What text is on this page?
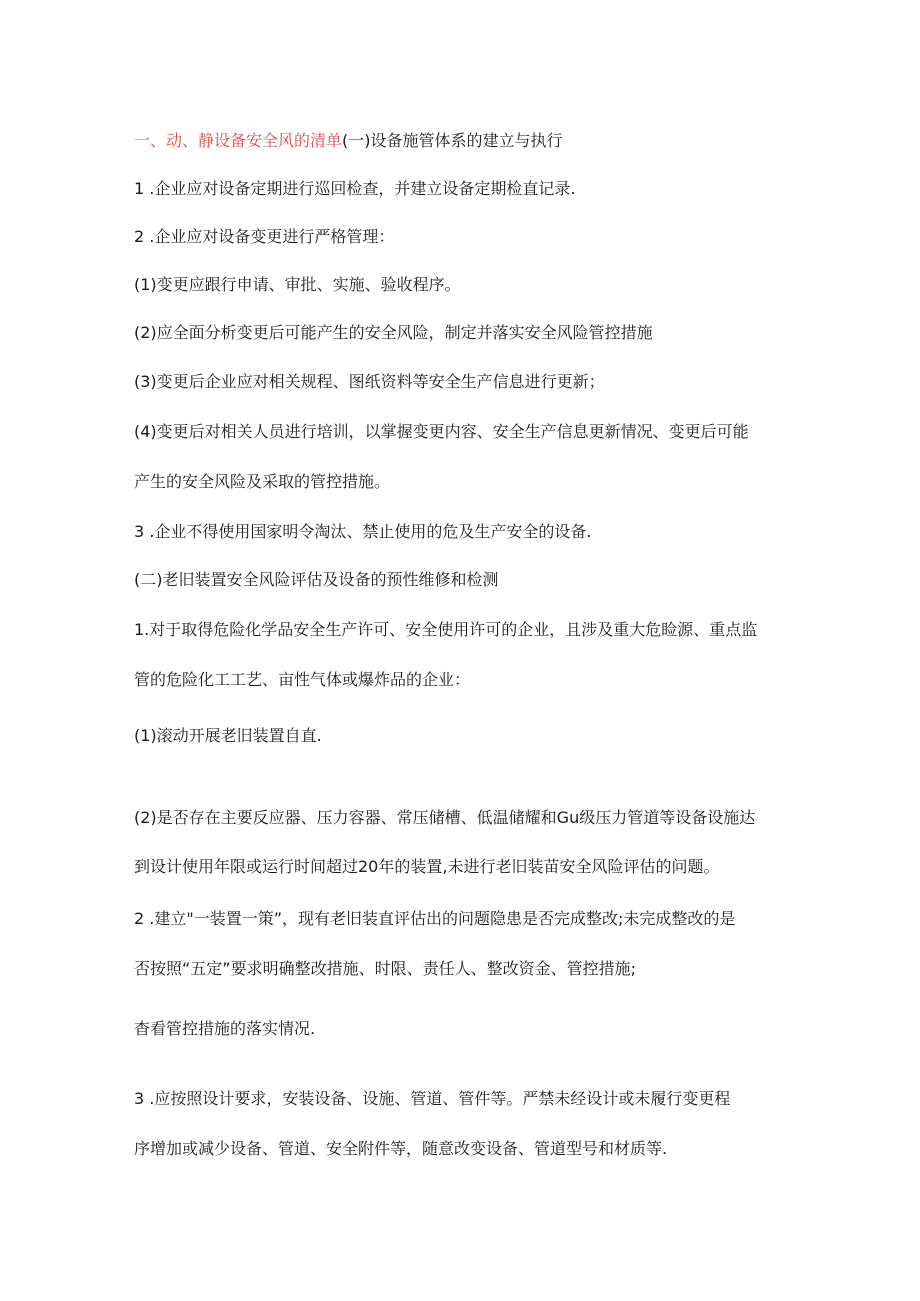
一、动、静设备安全风的清单(一)设备施管体系的建立与执行
1 .企业应对设备定期进行巡回检查，并建立设备定期检直记录.
2 .企业应对设备变更进行严格管理：
(1)变更应跟行申请、审批、实施、验收程序。
(2)应全面分析变更后可能产生的安全风险，制定并落实安全风险管控措施
(3)变更后企业应对相关规程、图纸资料等安全生产信息进行更新；
(4)变更后对相关人员进行培训，以掌握变更内容、安全生产信息更新情况、变更后可能
产生的安全风险及采取的管控措施。
3 .企业不得使用国家明令淘汰、禁止使用的危及生产安全的设备.
(二)老旧装置安全风险评估及设备的预性维修和检测
1.对于取得危险化学品安全生产许可、安全使用许可的企业，且涉及重大危睑源、重点监
管的危险化工工艺、亩性气体或爆炸品的企业：
(1)滚动开展老旧装置自直.
(2)是否存在主要反应器、压力容器、常压储槽、低温储耀和Gu级压力管道等设备设施达
到设计使用年限或运行时间超过20年的装置,未进行老旧装苗安全风险评估的问题。
2 .建立"一装置一策”，现有老旧装直评估出的问题隐患是否完成整改;未完成整改的是
否按照“五定”要求明确整改措施、时限、责任人、整改资金、管控措施;
杳看管控措施的落实情况.
3 .应按照设计要求，安装设备、设施、管道、管件等。严禁未经设计或未履行变更程
序增加或减少设备、管道、安全附件等，随意改变设备、管道型号和材质等.
